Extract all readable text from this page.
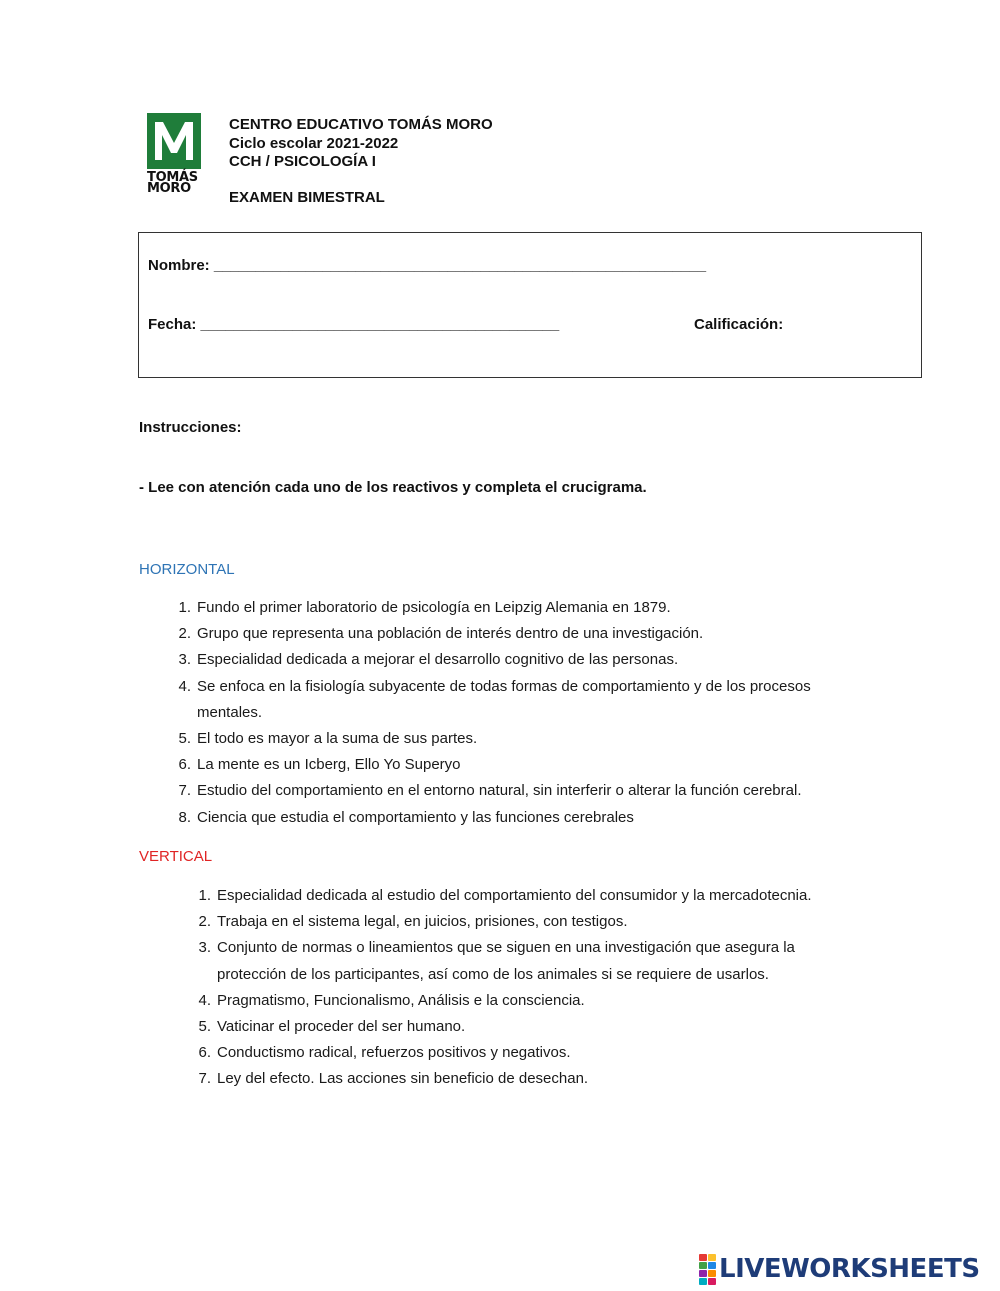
TOMÁS
MORO
CENTRO EDUCATIVO TOMÁS MORO
Ciclo escolar 2021-2022
CCH / PSICOLOGÍA I
EXAMEN BIMESTRAL
Nombre: ___________________________________________________________
Fecha: ___________________________________________	Calificación:
Instrucciones:
- Lee con atención cada uno de los reactivos y completa el crucigrama.
HORIZONTAL
1. Fundo el primer laboratorio de psicología en Leipzig Alemania en 1879.
2. Grupo que representa una población de interés dentro de una investigación.
3. Especialidad dedicada a mejorar el desarrollo cognitivo de las personas.
4. Se enfoca en la fisiología subyacente de todas formas de comportamiento y de los procesos mentales.
5. El todo es mayor a la suma de sus partes.
6. La mente es un Icberg, Ello Yo Superyo
7. Estudio del comportamiento en el entorno natural, sin interferir o alterar la función cerebral.
8. Ciencia que estudia el comportamiento y las funciones cerebrales
VERTICAL
1. Especialidad dedicada al estudio del comportamiento del consumidor y la mercadotecnia.
2. Trabaja en el sistema legal, en juicios, prisiones, con testigos.
3. Conjunto de normas o lineamientos que se siguen en una investigación que asegura la protección de los participantes, así como de los animales si se requiere de usarlos.
4. Pragmatismo, Funcionalismo, Análisis e la consciencia.
5. Vaticinar el proceder del ser humano.
6. Conductismo radical, refuerzos positivos y negativos.
7. Ley del efecto. Las acciones sin beneficio de desechan.
LIVEWORKSHEETS
